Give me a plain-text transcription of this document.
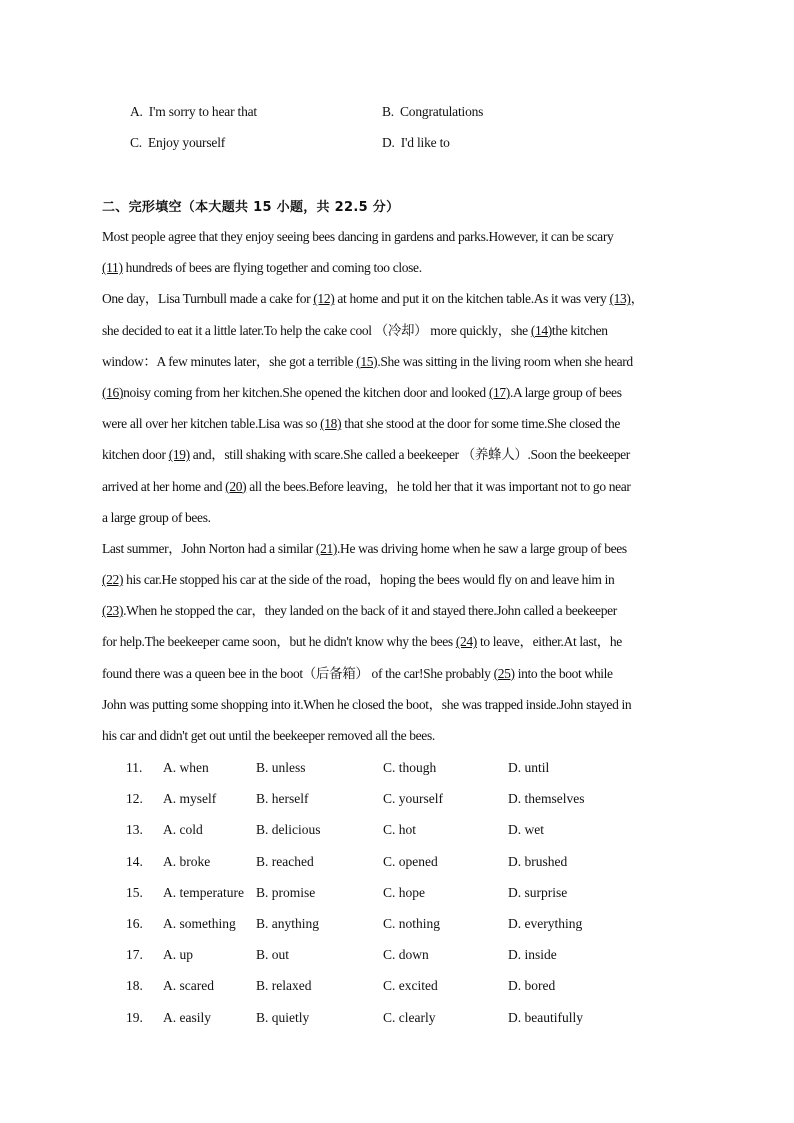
A. I'm sorry to hear that	B. Congratulations
C. Enjoy yourself	D. I'd like to
二、完形填空（本大题共 15 小题，共 22.5 分）
Most people agree that they enjoy seeing bees dancing in gardens and parks.However, it can be scary
(11) hundreds of bees are flying together and coming too close.
One day，Lisa Turnbull made a cake for (12) at home and put it on the kitchen table.As it was very (13)，
she decided to eat it a little later.To help the cake cool （冷却） more quickly，she (14)the kitchen
window：A few minutes later，she got a terrible (15).She was sitting in the living room when she heard
(16)noisy coming from her kitchen.She opened the kitchen door and looked (17).A large group of bees
were all over her kitchen table.Lisa was so (18) that she stood at the door for some time.She closed the
kitchen door (19) and，still shaking with scare.She called a beekeeper （养蜂人）.Soon the beekeeper
arrived at her home and (20) all the bees.Before leaving，he told her that it was important not to go near
a large group of bees.
Last summer，John Norton had a similar (21).He was driving home when he saw a large group of bees
(22) his car.He stopped his car at the side of the road，hoping the bees would fly on and leave him in
(23).When he stopped the car，they landed on the back of it and stayed there.John called a beekeeper
for help.The beekeeper came soon，but he didn't know why the bees (24) to leave，either.At last，he
found there was a queen bee in the boot（后备箱） of the car!She probably (25) into the boot while
John was putting some shopping into it.When he closed the boot，she was trapped inside.John stayed in
his car and didn't get out until the beekeeper removed all the bees.
11. A. when	B. unless	C. though	D. until
12. A. myself	B. herself	C. yourself	D. themselves
13. A. cold	B. delicious	C. hot	D. wet
14. A. broke	B. reached	C. opened	D. brushed
15. A. temperature B. promise	C. hope	D. surprise
16. A. something B. anything	C. nothing	D. everything
17. A. up	B. out	C. down	D. inside
18. A. scared	B. relaxed	C. excited	D. bored
19. A. easily	B. quietly	C. clearly	D. beautifully
